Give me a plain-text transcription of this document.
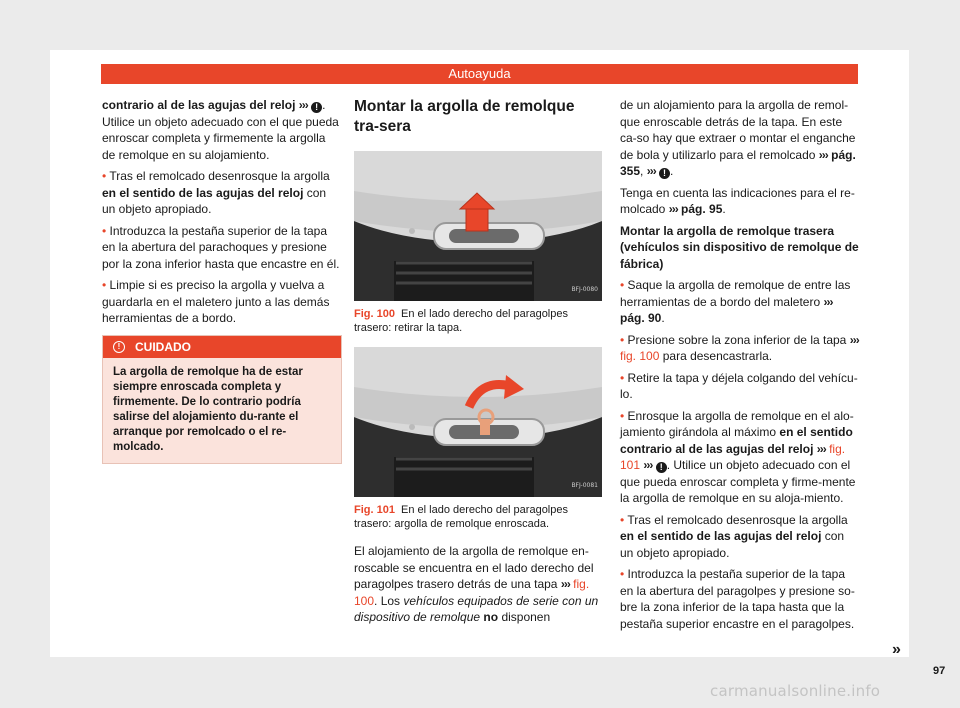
Autoayuda

contrario al de las agujas del reloj ››› ! . Utilice un objeto adecuado con el que pueda enroscar completa y firmemente la argolla de remolque en su alojamiento.

• Tras el remolcado desenrosque la argolla en el sentido de las agujas del reloj con un objeto apropiado.

• Introduzca la pestaña superior de la tapa en la abertura del parachoques y presione por la zona inferior hasta que encastre en él.

• Limpie si es preciso la argolla y vuelva a guardarla en el maletero junto a las demás herramientas de a bordo.

!	CUIDADO
La argolla de remolque ha de estar siempre enroscada completa y firmemente. De lo contrario podría salirse del alojamiento du-rante el arranque por remolcado o el re-molcado.
Montar la argolla de remolque tra-sera
BFJ-0080
Fig. 100 En el lado derecho del paragolpes trasero: retirar la tapa.
BFJ-0081
Fig. 101 En el lado derecho del paragolpes trasero: argolla de remolque enroscada.

El alojamiento de la argolla de remolque en-roscable se encuentra en el lado derecho del paragolpes trasero detrás de una tapa ››› fig. 100. Los vehículos equipados de serie con un dispositivo de remolque no disponen

de un alojamiento para la argolla de remol-que enroscable detrás de la tapa. En este ca-so hay que extraer o montar el enganche de bola y utilizarlo para el remolcado ››› pág. 355, ››› ! .

Tenga en cuenta las indicaciones para el re-molcado ››› pág. 95.

Montar la argolla de remolque trasera (vehículos sin dispositivo de remolque de fábrica)

• Saque la argolla de remolque de entre las herramientas de a bordo del maletero ››› pág. 90.

• Presione sobre la zona inferior de la tapa ››› fig. 100 para desencastrarla.

• Retire la tapa y déjela colgando del vehícu-lo.

• Enrosque la argolla de remolque en el alo-jamiento girándola al máximo en el sentido contrario al de las agujas del reloj ››› fig. 101 ››› ! . Utilice un objeto adecuado con el que pueda enroscar completa y firme-mente la argolla de remolque en su aloja-miento.

• Tras el remolcado desenrosque la argolla en el sentido de las agujas del reloj con un objeto apropiado.

• Introduzca la pestaña superior de la tapa en la abertura del paragolpes y presione so-bre la zona inferior de la tapa hasta que la pestaña superior encastre en el paragolpes.

»
97
carmanualsonline.info
